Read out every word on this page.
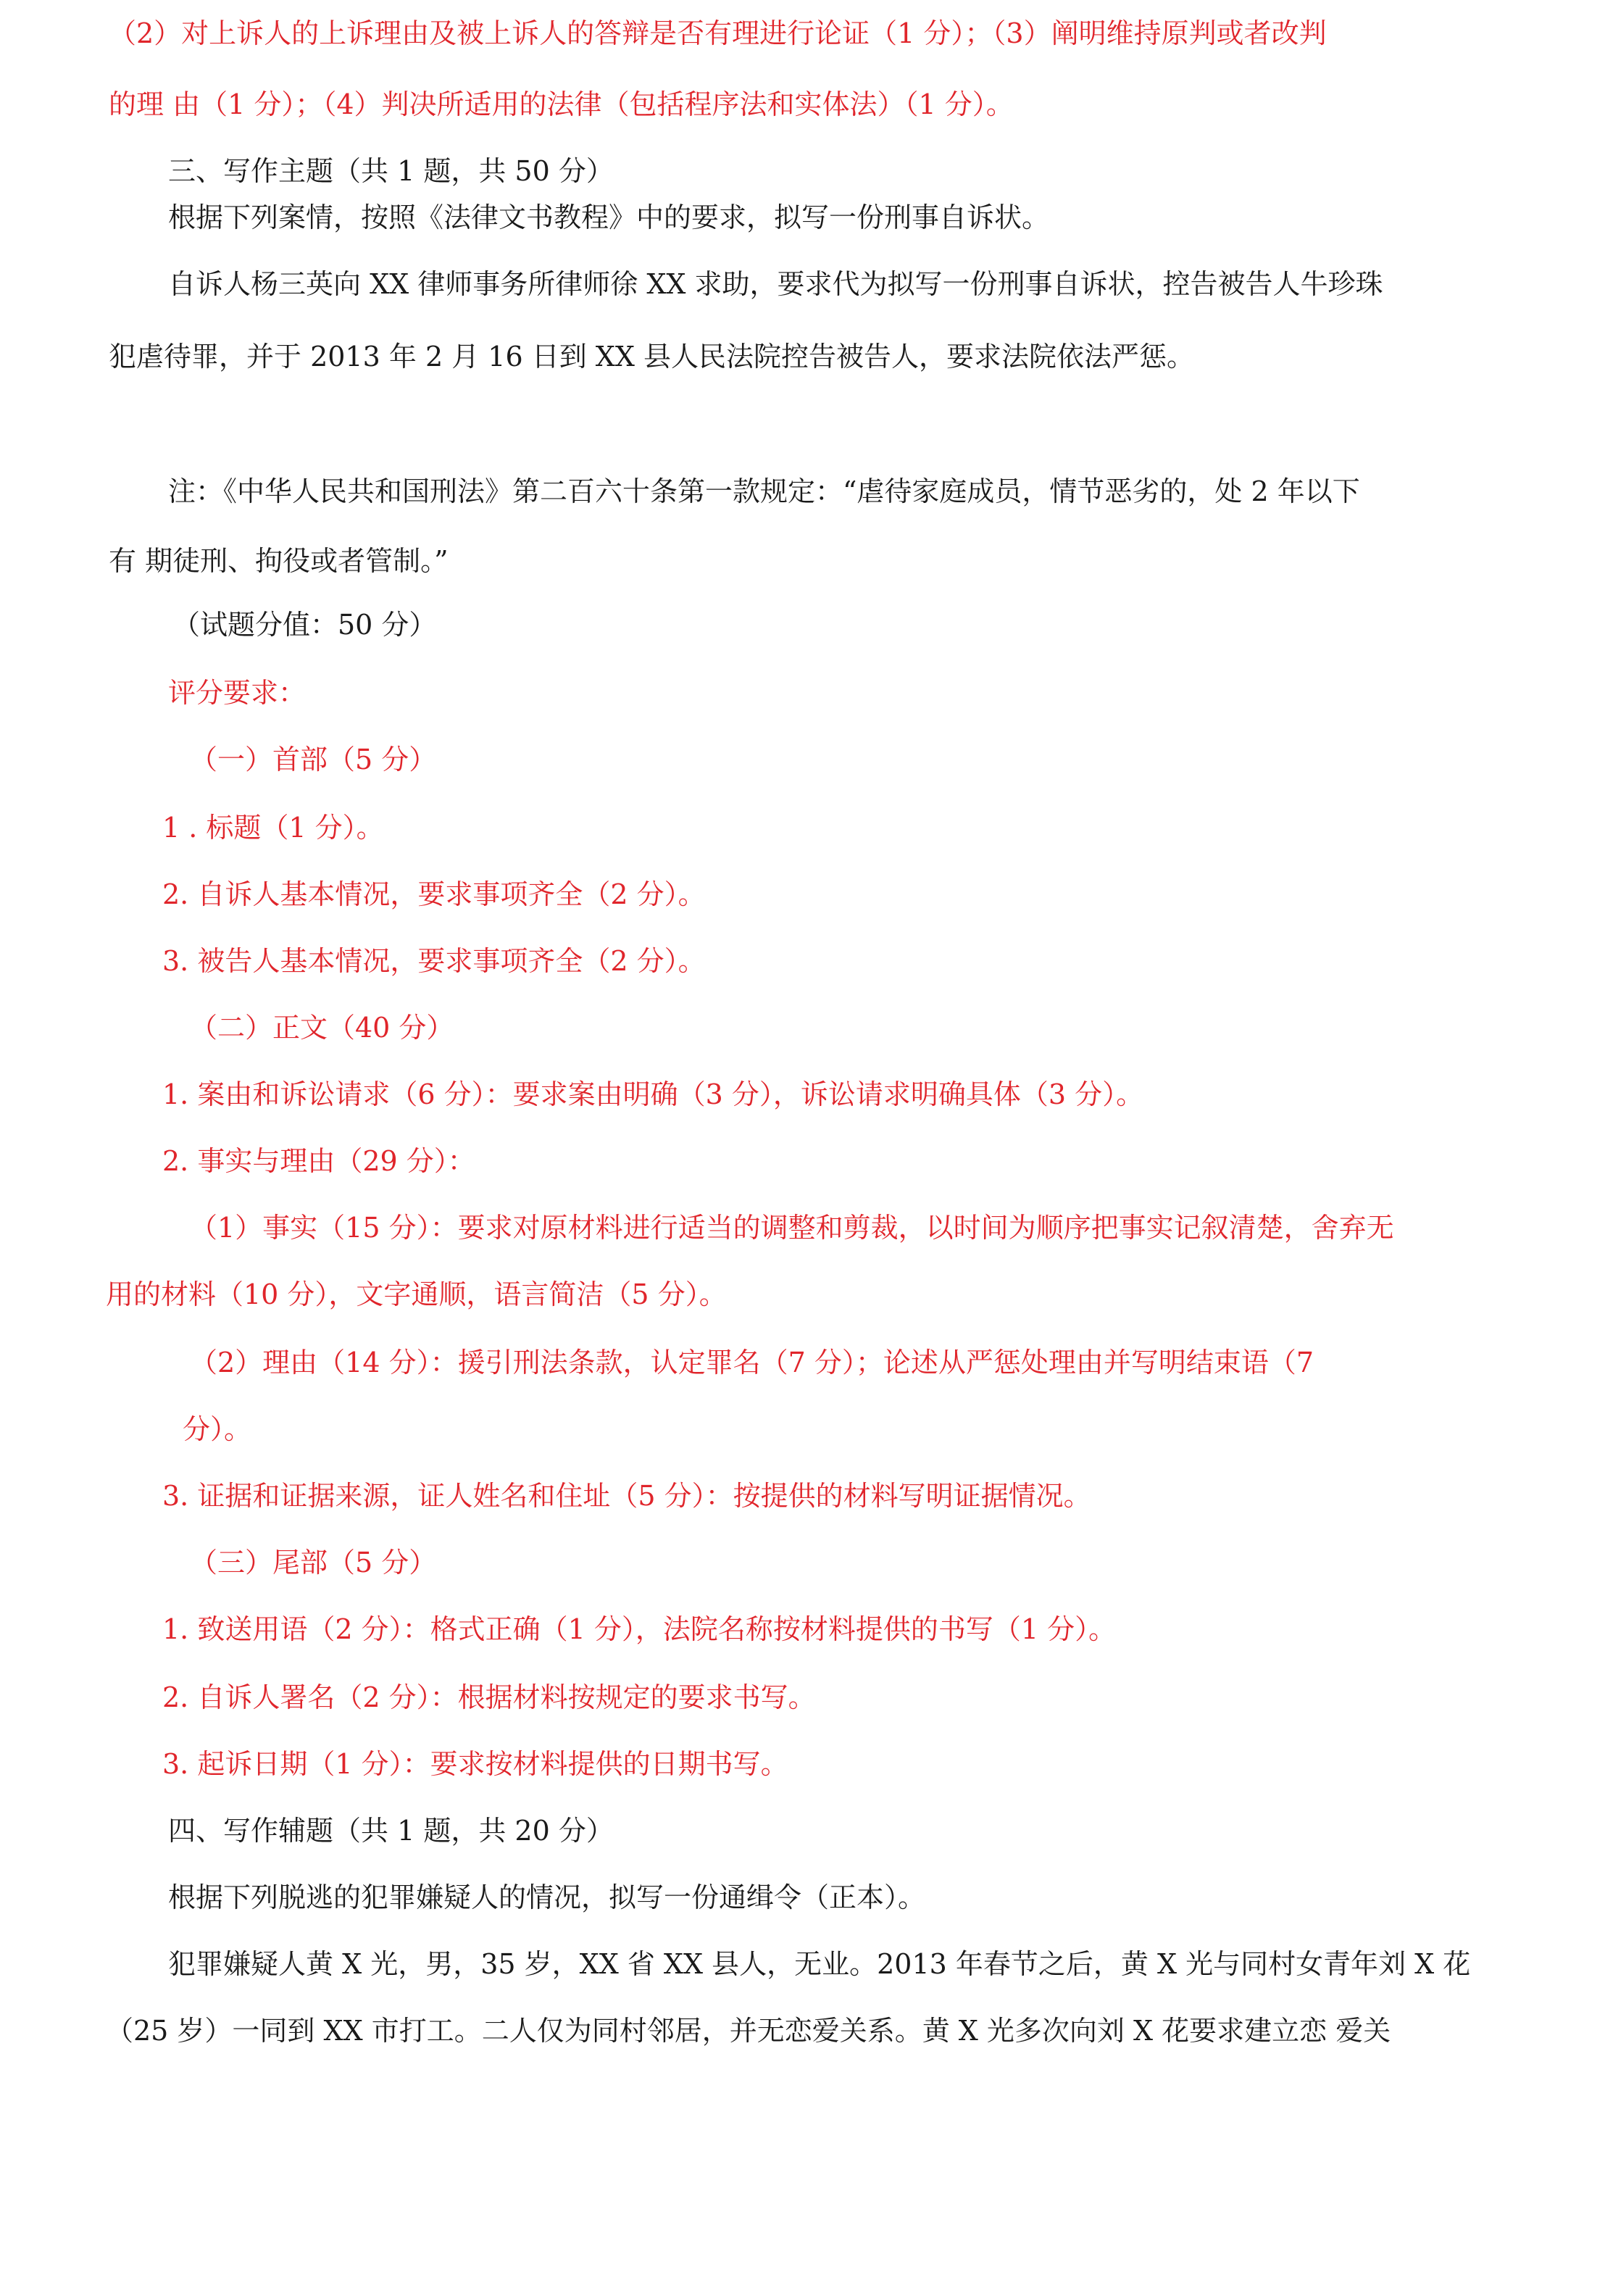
（2）对上诉人的上诉理由及被上诉人的答辩是否有理进行论证（1 分）；（3）阐明维持原判或者改判
的理 由（1 分）；（4）判决所适用的法律（包括程序法和实体法）（1 分）。
三、写作主题（共 1 题，共 50 分）
根据下列案情，按照《法律文书教程》中的要求，拟写一份刑事自诉状。
自诉人杨三英向 XX 律师事务所律师徐 XX 求助，要求代为拟写一份刑事自诉状，控告被告人牛珍珠
犯虐待罪，并于 2013 年 2 月 16 日到 XX 县人民法院控告被告人，要求法院依法严惩。
注：《中华人民共和国刑法》第二百六十条第一款规定：“虐待家庭成员，情节恶劣的，处 2 年以下
有 期徒刑、拘役或者管制。”
（试题分值：50 分）
评分要求：
（一）首部（5 分）
1 . 标题（1 分）。
2. 自诉人基本情况，要求事项齐全（2 分）。
3. 被告人基本情况，要求事项齐全（2 分）。
（二）正文（40 分）
1. 案由和诉讼请求（6 分）：要求案由明确（3 分），诉讼请求明确具体（3 分）。
2. 事实与理由（29 分）：
（1）事实（15 分）：要求对原材料进行适当的调整和剪裁，以时间为顺序把事实记叙清楚，舍弃无
用的材料（10 分），文字通顺，语言简洁（5 分）。
（2）理由（14 分）：援引刑法条款，认定罪名（7 分）；论述从严惩处理由并写明结束语（7
分）。
3. 证据和证据来源，证人姓名和住址（5 分）：按提供的材料写明证据情况。
（三）尾部（5 分）
1. 致送用语（2 分）：格式正确（1 分），法院名称按材料提供的书写（1 分）。
2. 自诉人署名（2 分）：根据材料按规定的要求书写。
3. 起诉日期（1 分）：要求按材料提供的日期书写。
四、写作辅题（共 1 题，共 20 分）
根据下列脱逃的犯罪嫌疑人的情况，拟写一份通缉令（正本）。
犯罪嫌疑人黄 X 光，男，35 岁，XX 省 XX 县人，无业。2013 年春节之后，黄 X 光与同村女青年刘 X 花
（25 岁）一同到 XX 市打工。二人仅为同村邻居，并无恋爱关系。黄 X 光多次向刘 X 花要求建立恋 爱关
